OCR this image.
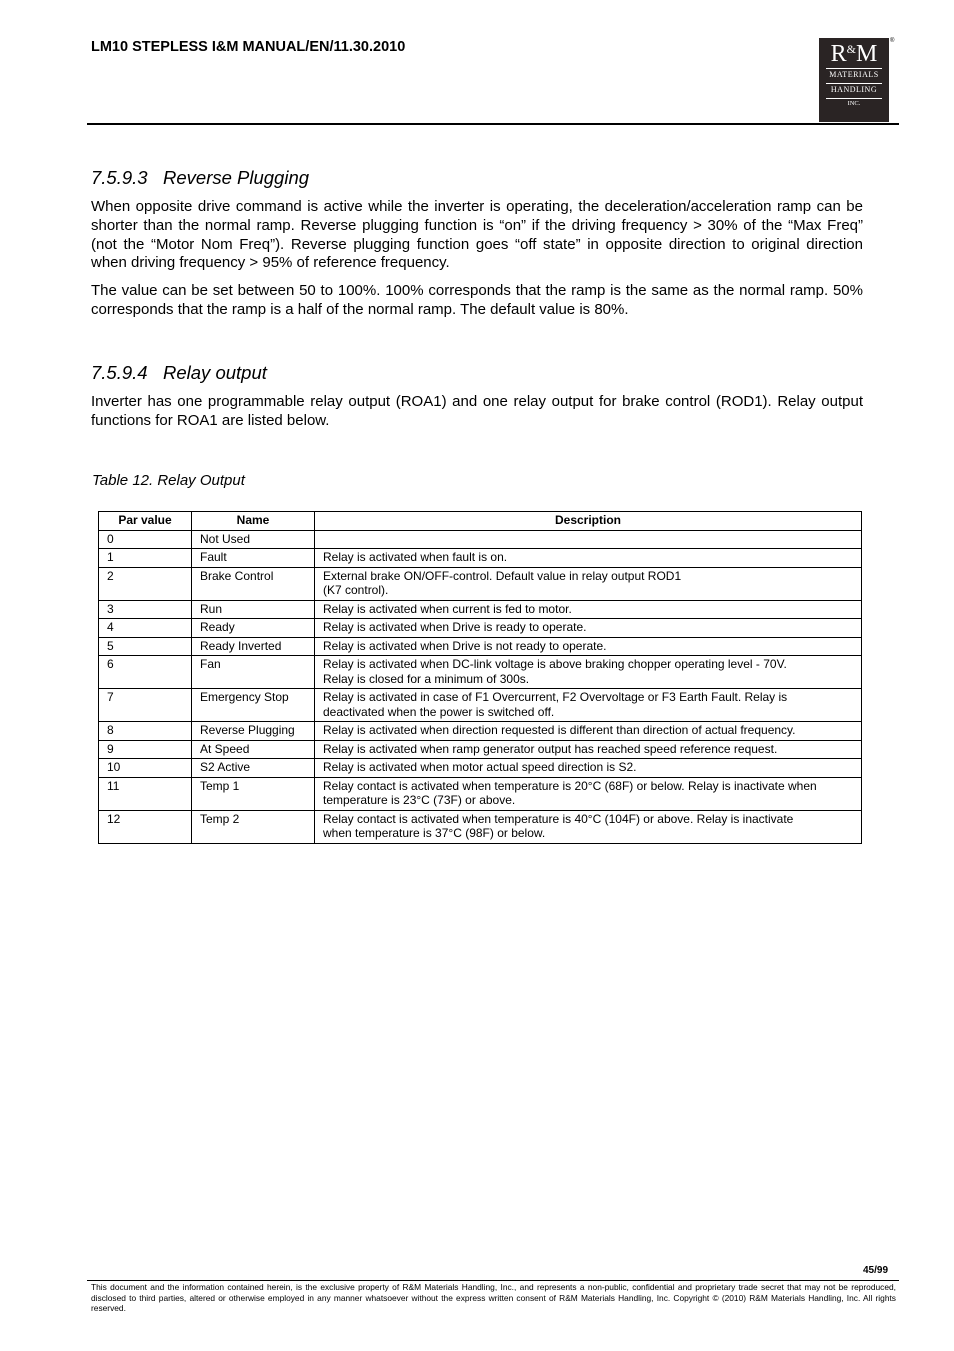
LM10 STEPLESS I&M MANUAL/EN/11.30.2010	R&M
MATERIALS
HANDLING
INC.
®
7.5.9.3 Reverse Plugging

When opposite drive command is active while the inverter is operating, the deceleration/acceleration ramp can be shorter than the normal ramp. Reverse plugging function is “on” if the driving frequency > 30% of the “Max Freq” (not the “Motor Nom Freq”). Reverse plugging function goes “off state” in opposite direction to original direction when driving frequency > 95% of reference frequency.

The value can be set between 50 to 100%. 100% corresponds that the ramp is the same as the normal ramp. 50% corresponds that the ramp is a half of the normal ramp. The default value is 80%.

7.5.9.4 Relay output

Inverter has one programmable relay output (ROA1) and one relay output for brake control (ROD1). Relay output functions for ROA1 are listed below.

Table 12. Relay Output
Par value	Name	Description
0	Not Used	

1	Fault	Relay is activated when fault is on.

2	Brake Control	External brake ON/OFF-control. Default value in relay output ROD1
(K7 control).

3	Run	Relay is activated when current is fed to motor.

4	Ready	Relay is activated when Drive is ready to operate.

5	Ready Inverted	Relay is activated when Drive is not ready to operate.

6	Fan	Relay is activated when DC-link voltage is above braking chopper operating level - 70V.
Relay is closed for a minimum of 300s.

7	Emergency Stop	Relay is activated in case of F1 Overcurrent, F2 Overvoltage or F3 Earth Fault. Relay is
deactivated when the power is switched off.

8	Reverse Plugging	Relay is activated when direction requested is different than direction of actual frequency.

9	At Speed	Relay is activated when ramp generator output has reached speed reference request.

10	S2 Active	Relay is activated when motor actual speed direction is S2.

11	Temp 1	Relay contact is activated when temperature is 20°C (68F) or below. Relay is inactivate when
temperature is 23°C (73F) or above.

12	Temp 2	Relay contact is activated when temperature is 40°C (104F) or above. Relay is inactivate
when temperature is 37°C (98F) or below.
45/99
This document and the information contained herein, is the exclusive property of R&M Materials Handling, Inc., and represents a non-public, confidential and proprietary trade secret that may not be reproduced, disclosed to third parties, altered or otherwise employed in any manner whatsoever without the express written consent of R&M Materials Handling, Inc. Copyright © (2010) R&M Materials Handling, Inc. All rights reserved.
